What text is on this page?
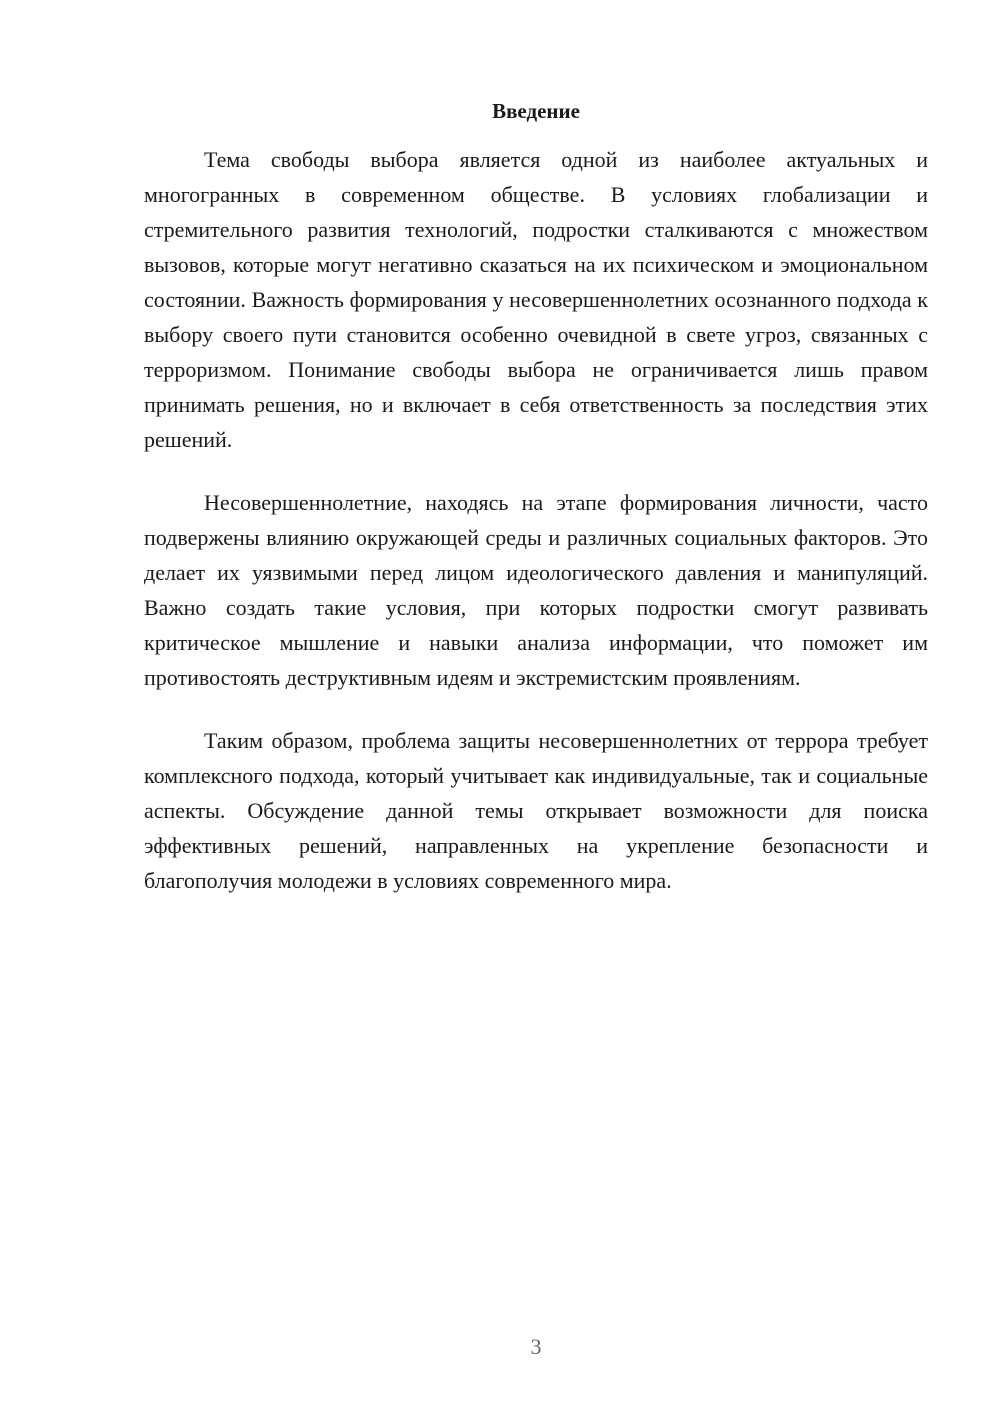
Введение

Тема свободы выбора является одной из наиболее актуальных и многогранных в современном обществе. В условиях глобализации и стремительного развития технологий, подростки сталкиваются с множеством вызовов, которые могут негативно сказаться на их психическом и эмоциональном состоянии. Важность формирования у несовершеннолетних осознанного подхода к выбору своего пути становится особенно очевидной в свете угроз, связанных с терроризмом. Понимание свободы выбора не ограничивается лишь правом принимать решения, но и включает в себя ответственность за последствия этих решений.

Несовершеннолетние, находясь на этапе формирования личности, часто подвержены влиянию окружающей среды и различных социальных факторов. Это делает их уязвимыми перед лицом идеологического давления и манипуляций. Важно создать такие условия, при которых подростки смогут развивать критическое мышление и навыки анализа информации, что поможет им противостоять деструктивным идеям и экстремистским проявлениям.

Таким образом, проблема защиты несовершеннолетних от террора требует комплексного подхода, который учитывает как индивидуальные, так и социальные аспекты. Обсуждение данной темы открывает возможности для поиска эффективных решений, направленных на укрепление безопасности и благополучия молодежи в условиях современного мира.

3
